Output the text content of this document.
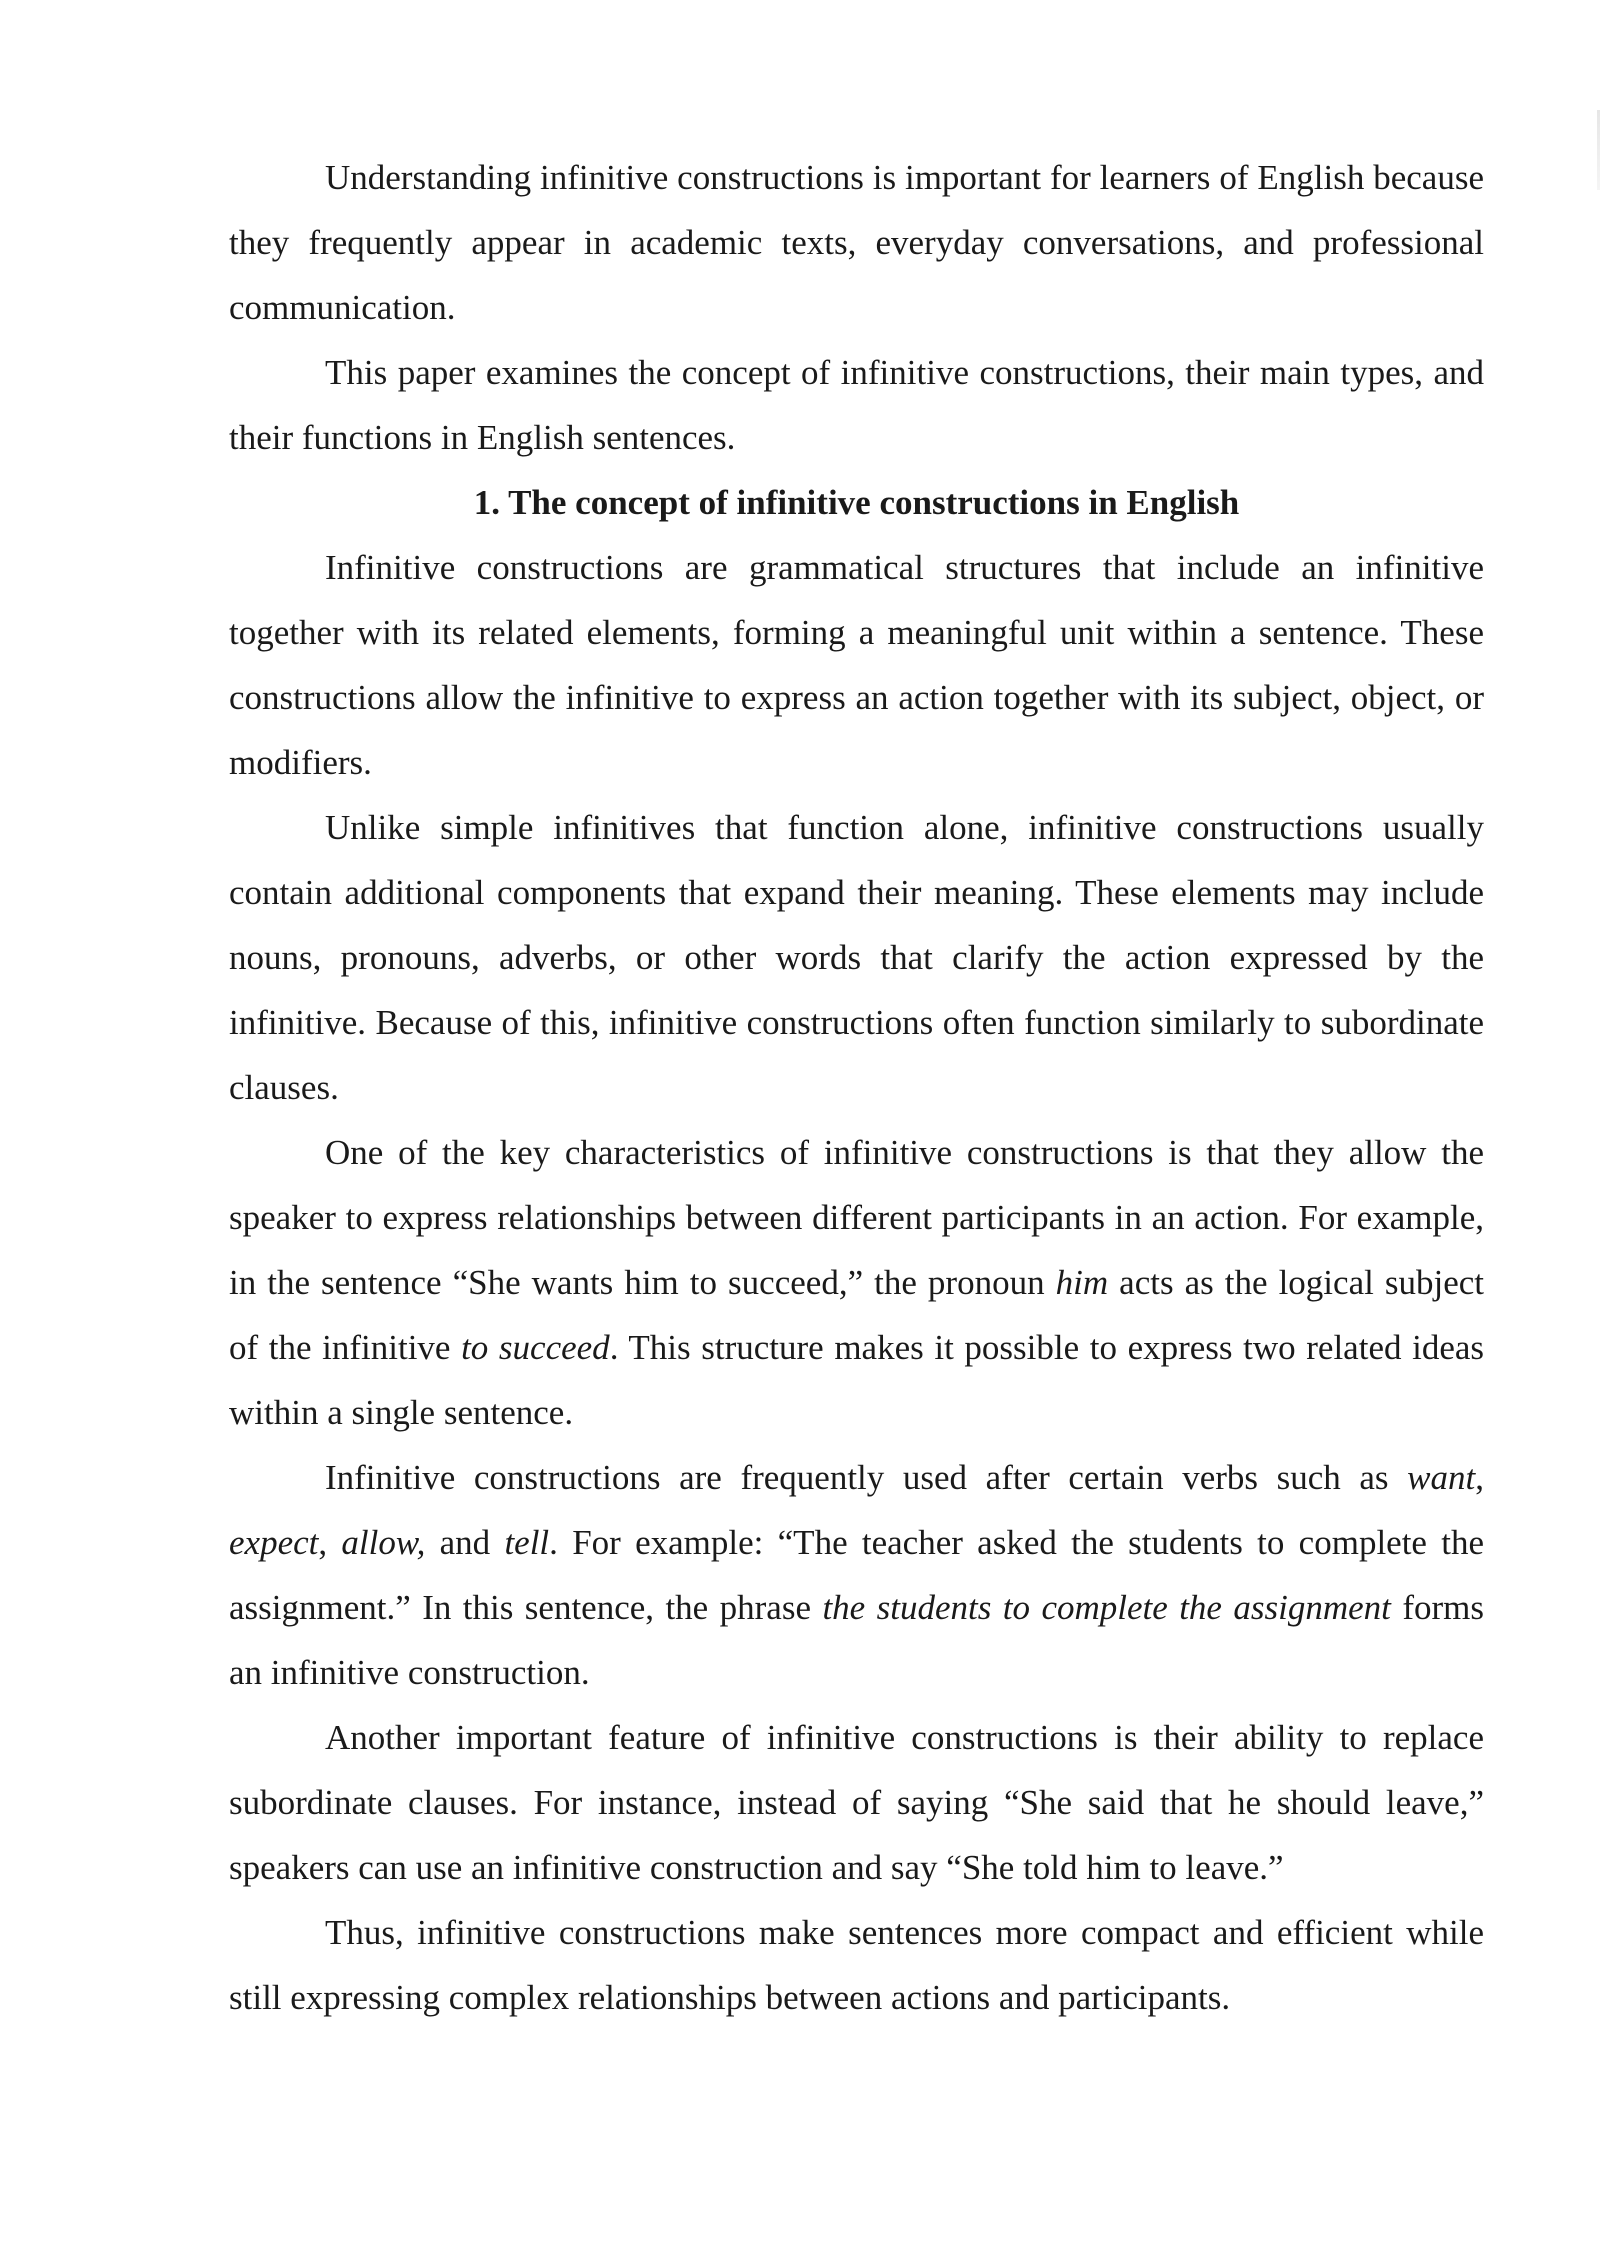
Understanding infinitive constructions is important for learners of English because they frequently appear in academic texts, everyday conversations, and professional communication.

This paper examines the concept of infinitive constructions, their main types, and their functions in English sentences.

1. The concept of infinitive constructions in English

Infinitive constructions are grammatical structures that include an infinitive together with its related elements, forming a meaningful unit within a sentence. These constructions allow the infinitive to express an action together with its subject, object, or modifiers.

Unlike simple infinitives that function alone, infinitive constructions usually contain additional components that expand their meaning. These elements may include nouns, pronouns, adverbs, or other words that clarify the action expressed by the infinitive. Because of this, infinitive constructions often function similarly to subordinate clauses.

One of the key characteristics of infinitive constructions is that they allow the speaker to express relationships between different participants in an action. For example, in the sentence “She wants him to succeed,” the pronoun him acts as the logical subject of the infinitive to succeed. This structure makes it possible to express two related ideas within a single sentence.

Infinitive constructions are frequently used after certain verbs such as want, expect, allow, and tell. For example: “The teacher asked the students to complete the assignment.” In this sentence, the phrase the students to complete the assignment forms an infinitive construction.

Another important feature of infinitive constructions is their ability to replace subordinate clauses. For instance, instead of saying “She said that he should leave,” speakers can use an infinitive construction and say “She told him to leave.”

Thus, infinitive constructions make sentences more compact and efficient while still expressing complex relationships between actions and participants.
